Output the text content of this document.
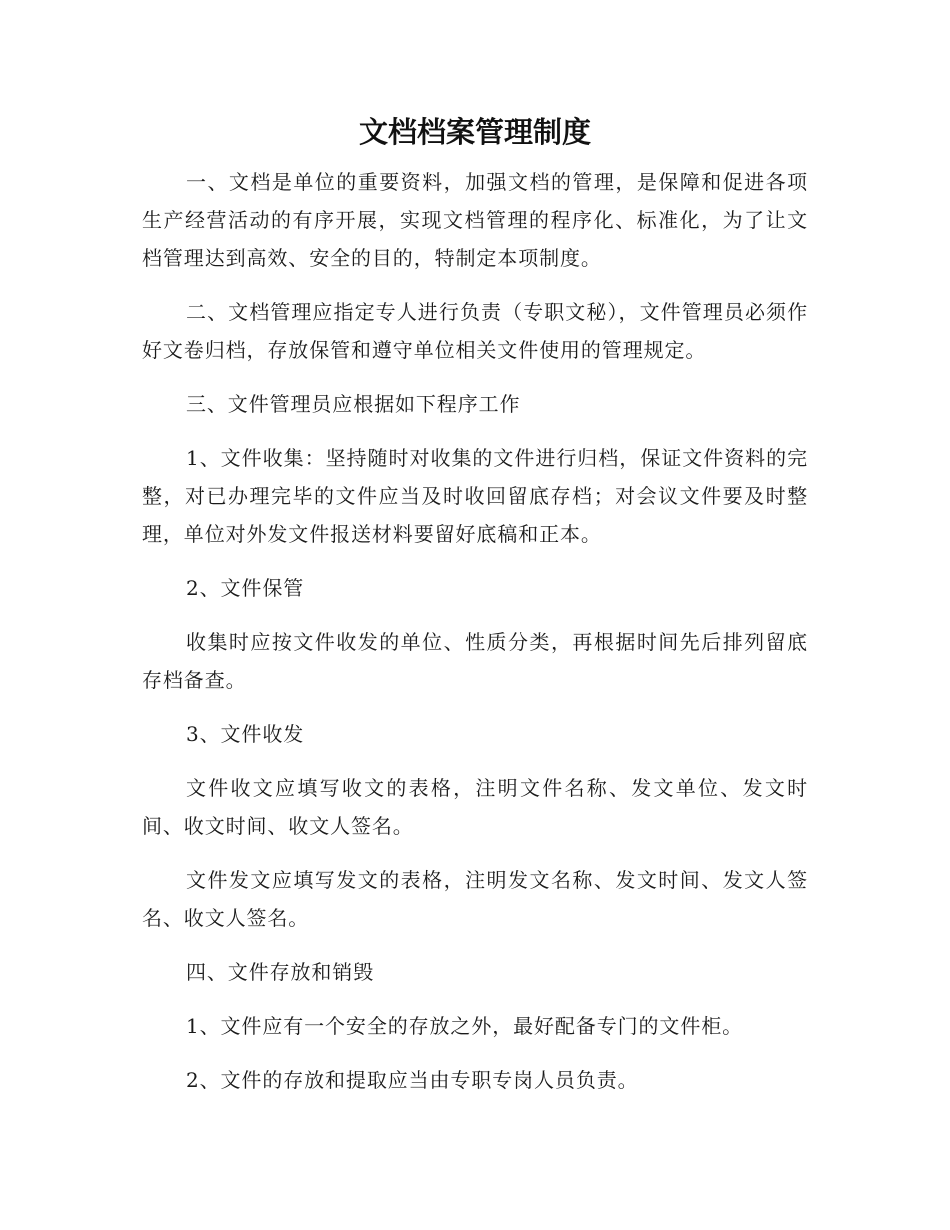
文档档案管理制度

一、文档是单位的重要资料，加强文档的管理，是保障和促进各项生产经营活动的有序开展，实现文档管理的程序化、标准化，为了让文档管理达到高效、安全的目的，特制定本项制度。

二、文档管理应指定专人进行负责（专职文秘），文件管理员必须作好文卷归档，存放保管和遵守单位相关文件使用的管理规定。

三、文件管理员应根据如下程序工作

1、文件收集：坚持随时对收集的文件进行归档，保证文件资料的完整，对已办理完毕的文件应当及时收回留底存档；对会议文件要及时整理，单位对外发文件报送材料要留好底稿和正本。

2、文件保管

收集时应按文件收发的单位、性质分类，再根据时间先后排列留底存档备查。

3、文件收发

文件收文应填写收文的表格，注明文件名称、发文单位、发文时间、收文时间、收文人签名。

文件发文应填写发文的表格，注明发文名称、发文时间、发文人签名、收文人签名。

四、文件存放和销毁

1、文件应有一个安全的存放之外，最好配备专门的文件柜。

2、文件的存放和提取应当由专职专岗人员负责。
